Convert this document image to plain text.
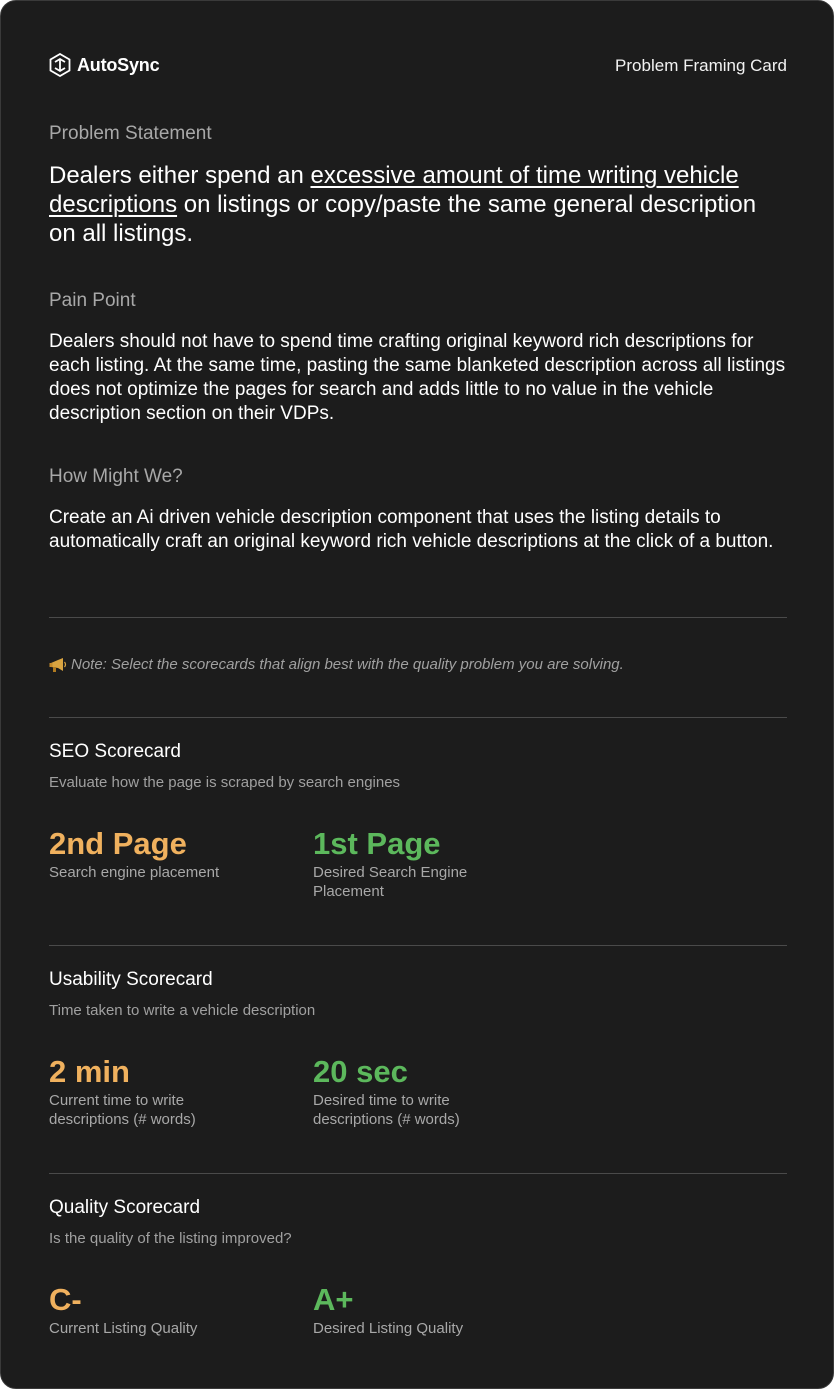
AutoSync	Problem Framing Card
Problem Statement
Dealers either spend an excessive amount of time writing vehicle descriptions on listings or copy/paste the same general description on all listings.
Pain Point
Dealers should not have to spend time crafting original keyword rich descriptions for each listing. At the same time, pasting the same blanketed description across all listings does not optimize the pages for search and adds little to no value in the vehicle description section on their VDPs.
How Might We?
Create an Ai driven vehicle description component that uses the listing details to automatically craft an original keyword rich vehicle descriptions at the click of a button.
Note: Select the scorecards that align best with the quality problem you are solving.
SEO Scorecard
Evaluate how the page is scraped by search engines
2nd Page
Search engine placement
1st Page
Desired Search Engine Placement
Usability Scorecard
Time taken to write a vehicle description
2 min
Current time to write descriptions (# words)
20 sec
Desired time to write descriptions (# words)
Quality Scorecard
Is the quality of the listing improved?
C-
Current Listing Quality
A+
Desired Listing Quality
